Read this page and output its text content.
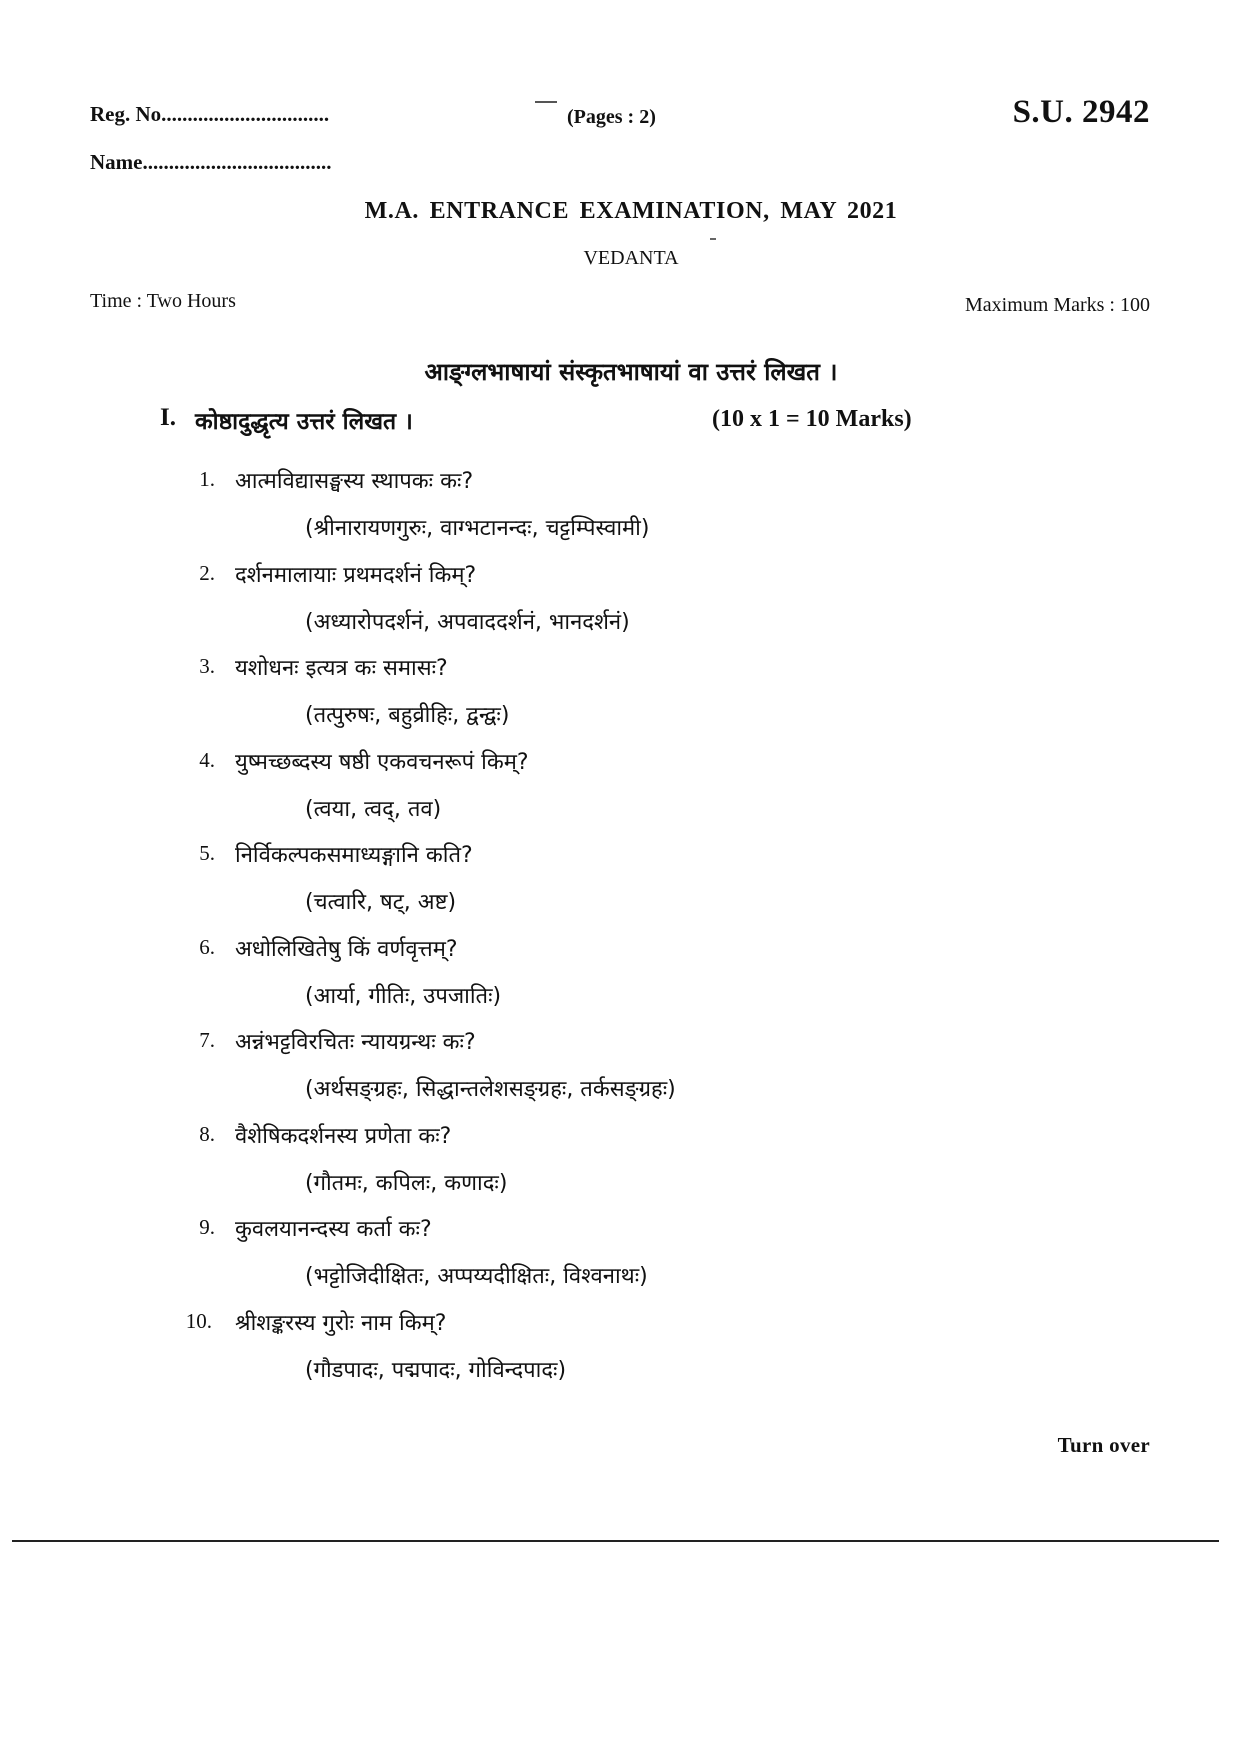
Reg. No................................
Name....................................
(Pages : 2)	S.U. 2942
M.A. ENTRANCE EXAMINATION, MAY 2021
VEDANTA
Time : Two Hours	Maximum Marks : 100
आङ्ग्लभाषायां संस्कृतभाषायां वा उत्तरं लिखत ।
I. कोष्ठादुद्धृत्य उत्तरं लिखत ।	(10 x 1 = 10 Marks)
1. आत्मविद्यासङ्घस्य स्थापकः कः?
(श्रीनारायणगुरुः, वाग्भटानन्दः, चट्टम्पिस्वामी)
2. दर्शनमालायाः प्रथमदर्शनं किम्?
(अध्यारोपदर्शनं, अपवाददर्शनं, भानदर्शनं)
3. यशोधनः इत्यत्र कः समासः?
(तत्पुरुषः, बहुव्रीहिः, द्वन्द्वः)
4. युष्मच्छब्दस्य षष्ठी एकवचनरूपं किम्?
(त्वया, त्वद्, तव)
5. निर्विकल्पकसमाध्यङ्गानि कति?
(चत्वारि, षट्, अष्ट)
6. अधोलिखितेषु किं वर्णवृत्तम्?
(आर्या, गीतिः, उपजातिः)
7. अन्नंभट्टविरचितः न्यायग्रन्थः कः?
(अर्थसङ्ग्रहः, सिद्धान्तलेशसङ्ग्रहः, तर्कसङ्ग्रहः)
8. वैशेषिकदर्शनस्य प्रणेता कः?
(गौतमः, कपिलः, कणादः)
9. कुवलयानन्दस्य कर्ता कः?
(भट्टोजिदीक्षितः, अप्पय्यदीक्षितः, विश्वनाथः)
10. श्रीशङ्करस्य गुरोः नाम किम्?
(गौडपादः, पद्मपादः, गोविन्दपादः)
Turn over
